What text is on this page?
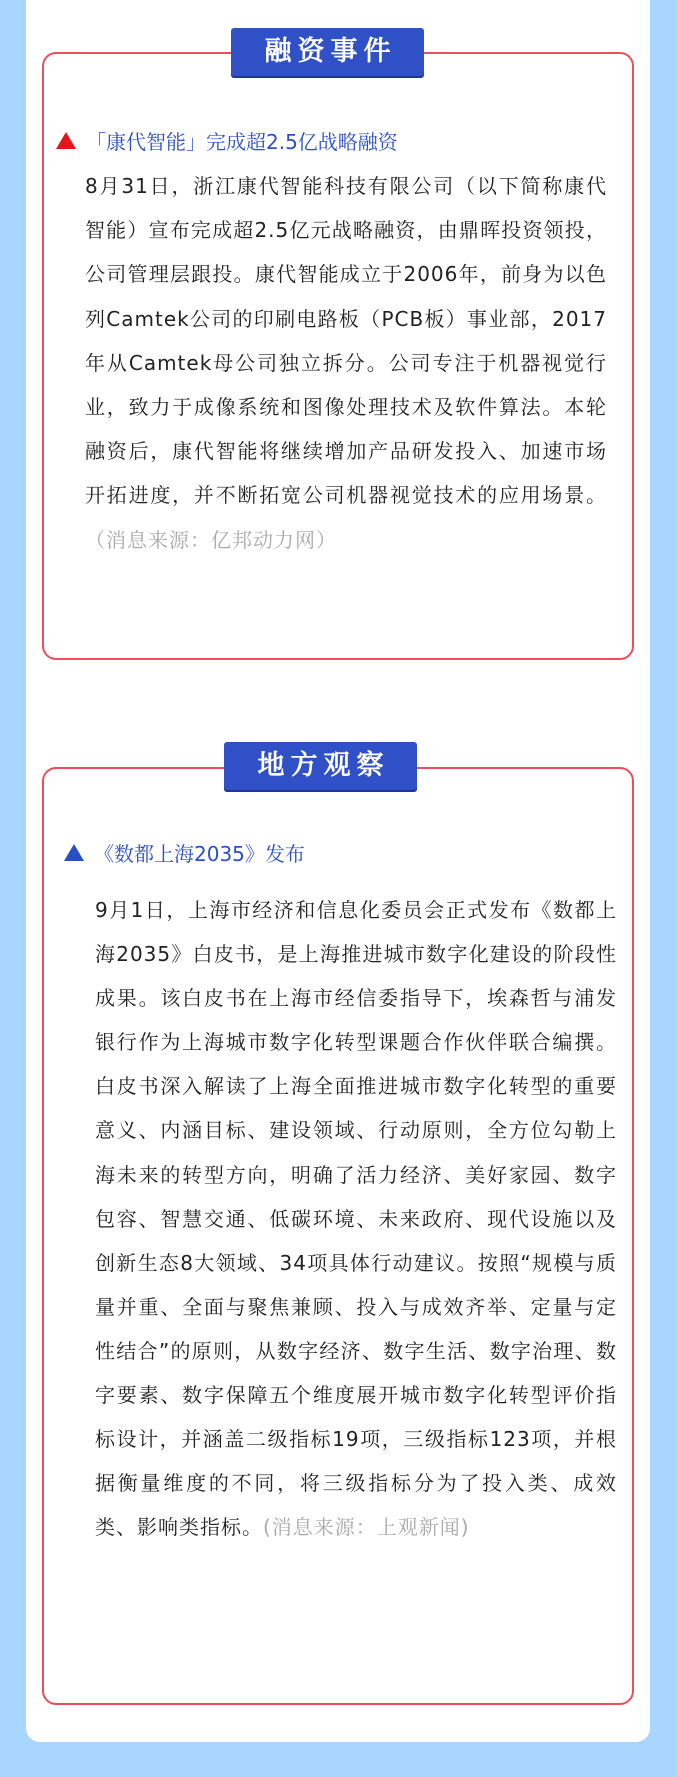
融资事件
「康代智能」完成超2.5亿战略融资
8月31日，浙江康代智能科技有限公司（以下简称康代智能）宣布完成超2.5亿元战略融资，由鼎晖投资领投，公司管理层跟投。康代智能成立于2006年，前身为以色列Camtek公司的印刷电路板（PCB板）事业部，2017年从Camtek母公司独立拆分。公司专注于机器视觉行业，致力于成像系统和图像处理技术及软件算法。本轮融资后，康代智能将继续增加产品研发投入、加速市场开拓进度，并不断拓宽公司机器视觉技术的应用场景。（消息来源：亿邦动力网）
地方观察
《数都上海2035》发布
9月1日，上海市经济和信息化委员会正式发布《数都上海2035》白皮书，是上海推进城市数字化建设的阶段性成果。该白皮书在上海市经信委指导下，埃森哲与浦发银行作为上海城市数字化转型课题合作伙伴联合编撰。白皮书深入解读了上海全面推进城市数字化转型的重要意义、内涵目标、建设领域、行动原则，全方位勾勒上海未来的转型方向，明确了活力经济、美好家园、数字包容、智慧交通、低碳环境、未来政府、现代设施以及创新生态8大领域、34项具体行动建议。按照“规模与质量并重、全面与聚焦兼顾、投入与成效齐举、定量与定性结合”的原则，从数字经济、数字生活、数字治理、数字要素、数字保障五个维度展开城市数字化转型评价指标设计，并涵盖二级指标19项，三级指标123项，并根据衡量维度的不同，将三级指标分为了投入类、成效类、影响类指标。(消息来源：上观新闻)
